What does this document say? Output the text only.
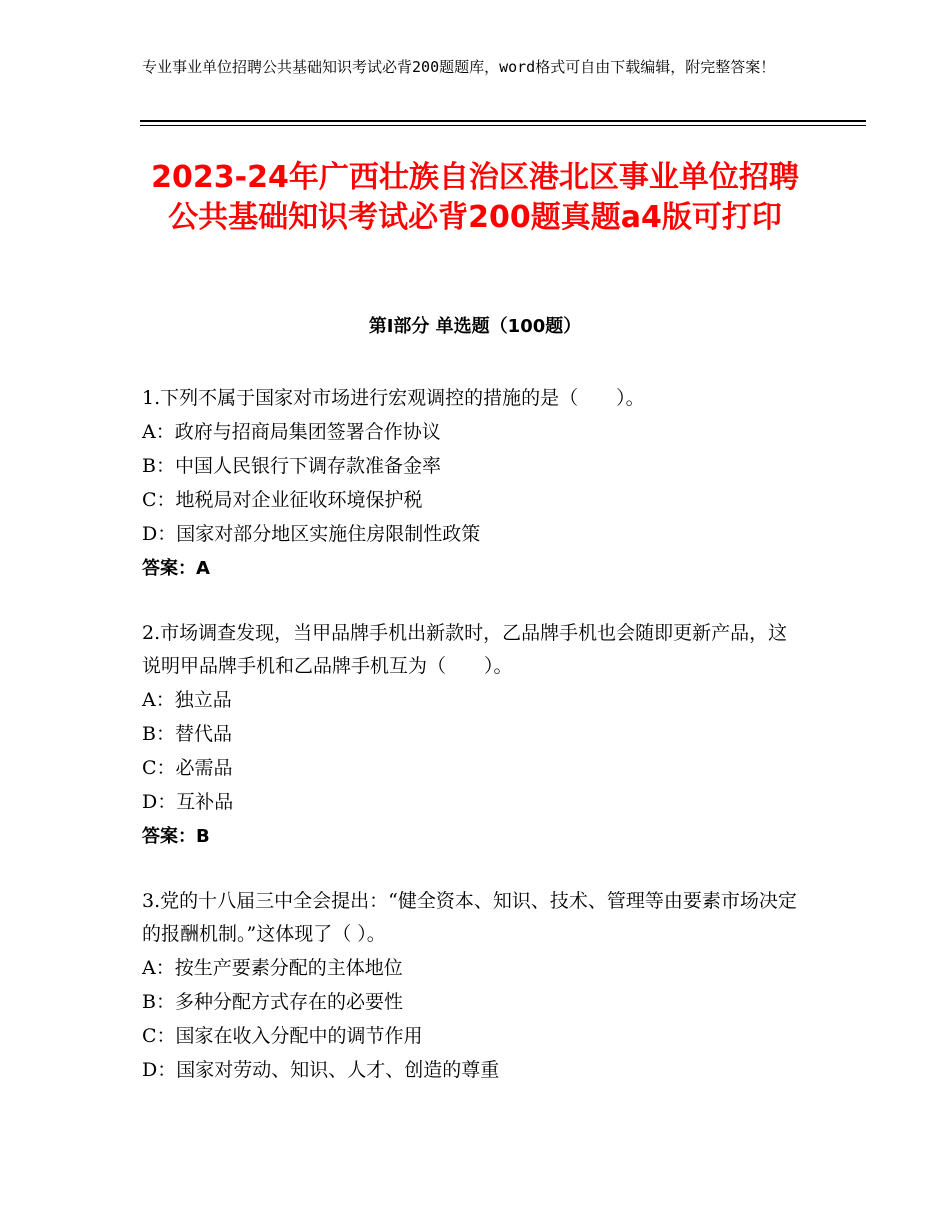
专业事业单位招聘公共基础知识考试必背200题题库，word格式可自由下载编辑，附完整答案！
2023-24年广西壮族自治区港北区事业单位招聘公共基础知识考试必背200题真题a4版可打印
第Ⅰ部分 单选题（100题）
1.下列不属于国家对市场进行宏观调控的措施的是（　　）。
A：政府与招商局集团签署合作协议
B：中国人民银行下调存款准备金率
C：地税局对企业征收环境保护税
D：国家对部分地区实施住房限制性政策
答案：A
2.市场调查发现，当甲品牌手机出新款时，乙品牌手机也会随即更新产品，这说明甲品牌手机和乙品牌手机互为（　　）。
A：独立品
B：替代品
C：必需品
D：互补品
答案：B
3.党的十八届三中全会提出：“健全资本、知识、技术、管理等由要素市场决定的报酬机制。”这体现了（ ）。
A：按生产要素分配的主体地位
B：多种分配方式存在的必要性
C：国家在收入分配中的调节作用
D：国家对劳动、知识、人才、创造的尊重
